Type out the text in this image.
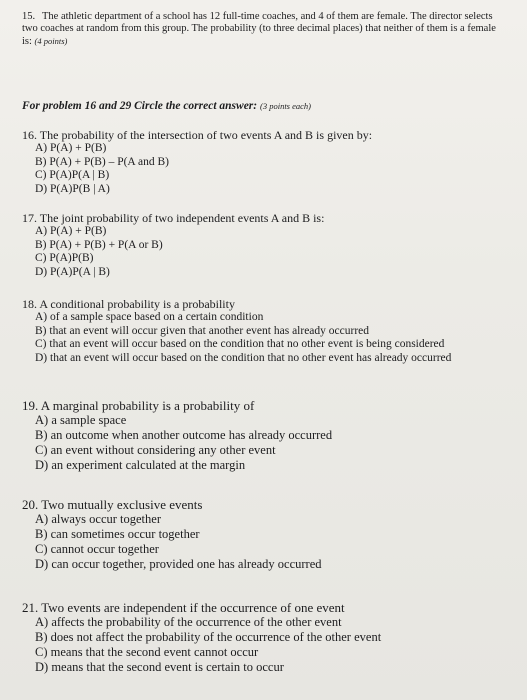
15. The athletic department of a school has 12 full-time coaches, and 4 of them are female. The director selects two coaches at random from this group. The probability (to three decimal places) that neither of them is a female is: (4 points)
For problem 16 and 29 Circle the correct answer: (3 points each)
16. The probability of the intersection of two events A and B is given by:
A) P(A) + P(B)
B) P(A) + P(B) – P(A and B)
C) P(A)P(A | B)
D) P(A)P(B | A)
17. The joint probability of two independent events A and B is:
A) P(A) + P(B)
B) P(A) + P(B) + P(A or B)
C) P(A)P(B)
D) P(A)P(A | B)
18. A conditional probability is a probability
A) of a sample space based on a certain condition
B) that an event will occur given that another event has already occurred
C) that an event will occur based on the condition that no other event is being considered
D) that an event will occur based on the condition that no other event has already occurred
19. A marginal probability is a probability of
A) a sample space
B) an outcome when another outcome has already occurred
C) an event without considering any other event
D) an experiment calculated at the margin
20. Two mutually exclusive events
A) always occur together
B) can sometimes occur together
C) cannot occur together
D) can occur together, provided one has already occurred
21. Two events are independent if the occurrence of one event
A) affects the probability of the occurrence of the other event
B) does not affect the probability of the occurrence of the other event
C) means that the second event cannot occur
D) means that the second event is certain to occur
